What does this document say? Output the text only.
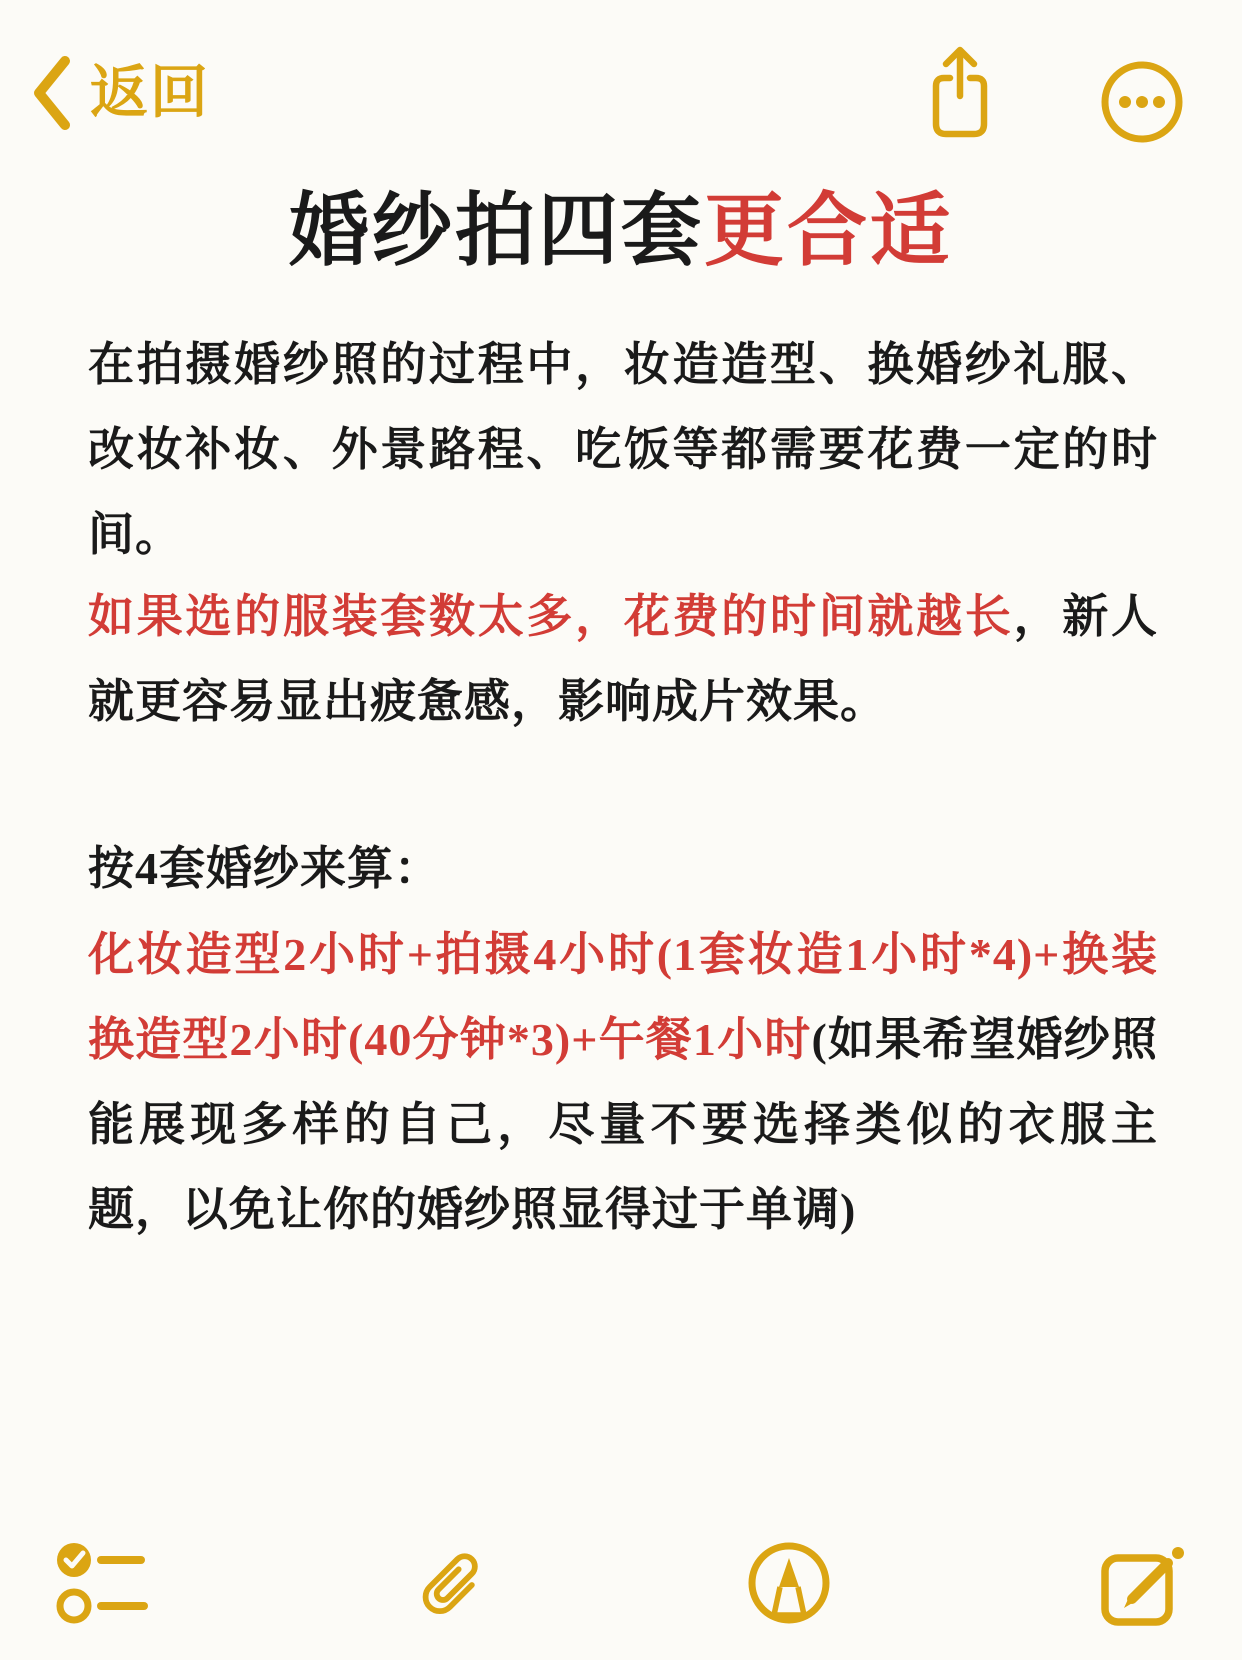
返回
婚纱拍四套更合适
在拍摄婚纱照的过程中，妆造造型、换婚纱礼服、改妆补妆、外景路程、吃饭等都需要花费一定的时间。
如果选的服装套数太多，花费的时间就越长，新人就更容易显出疲惫感，影响成片效果。
按4套婚纱来算：
化妆造型2小时+拍摄4小时(1套妆造1小时*4)+换装换造型2小时(40分钟*3)+午餐1小时(如果希望婚纱照能展现多样的自己，尽量不要选择类似的衣服主题，以免让你的婚纱照显得过于单调)
